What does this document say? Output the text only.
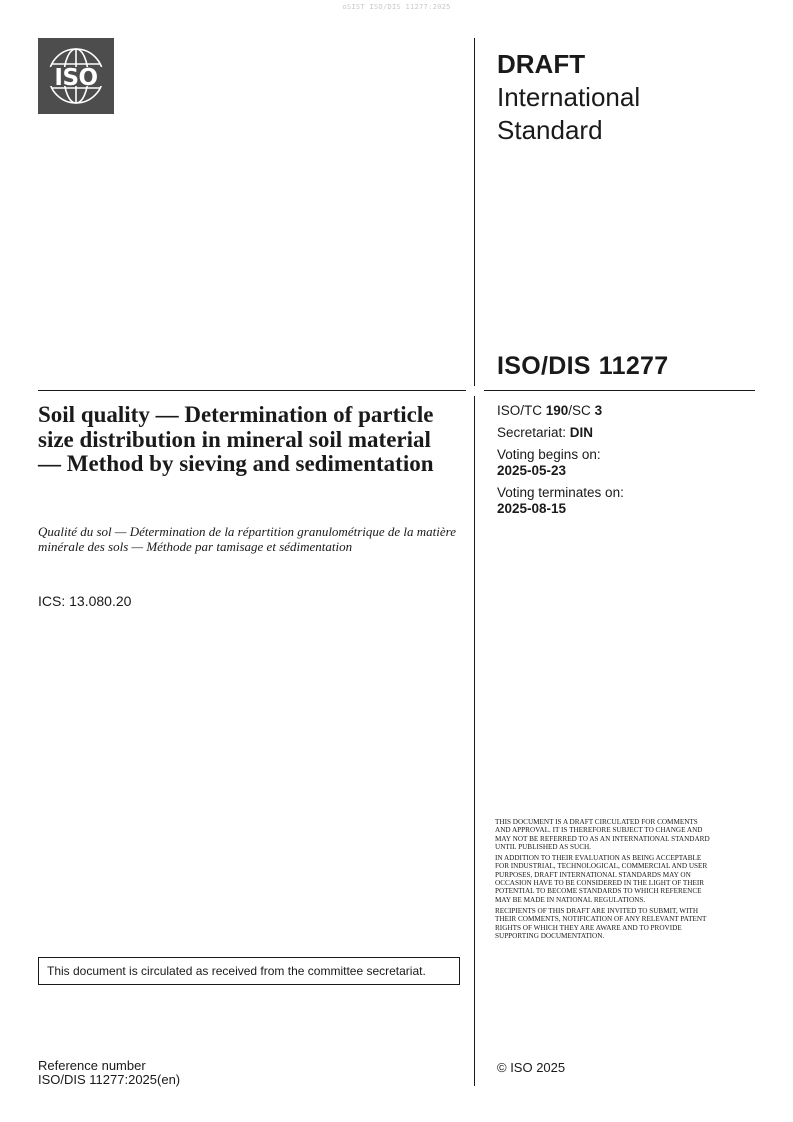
oSIST ISO/DIS 11277:2025
ISO	DRAFT
International
Standard
ISO/DIS 11277
Soil quality — Determination of particle size distribution in mineral soil material — Method by sieving and sedimentation
Qualité du sol — Détermination de la répartition granulométrique de la matière minérale des sols — Méthode par tamisage et sédimentation
ICS: 13.080.20
ISO/TC 190/SC 3
Secretariat: DIN
Voting begins on:
2025-05-23
Voting terminates on:
2025-08-15
This document is circulated as received from the committee secretariat.

THIS DOCUMENT IS A DRAFT CIRCULATED FOR COMMENTS AND APPROVAL. IT IS THEREFORE SUBJECT TO CHANGE AND MAY NOT BE REFERRED TO AS AN INTERNATIONAL STANDARD UNTIL PUBLISHED AS SUCH.

IN ADDITION TO THEIR EVALUATION AS BEING ACCEPTABLE FOR INDUSTRIAL, TECHNOLOGICAL, COMMERCIAL AND USER PURPOSES, DRAFT INTERNATIONAL STANDARDS MAY ON OCCASION HAVE TO BE CONSIDERED IN THE LIGHT OF THEIR POTENTIAL TO BECOME STANDARDS TO WHICH REFERENCE MAY BE MADE IN NATIONAL REGULATIONS.

RECIPIENTS OF THIS DRAFT ARE INVITED TO SUBMIT, WITH THEIR COMMENTS, NOTIFICATION OF ANY RELEVANT PATENT RIGHTS OF WHICH THEY ARE AWARE AND TO PROVIDE SUPPORTING DOCUMENTATION.

© ISO 2025
Reference number
ISO/DIS 11277:2025(en)
